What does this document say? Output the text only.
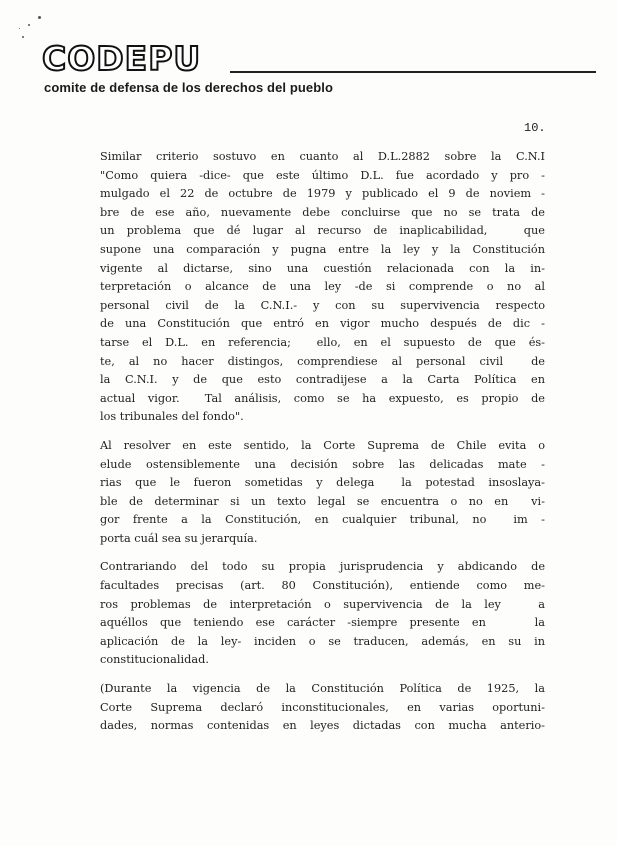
CODEPU
comite de defensa de los derechos del pueblo
10.
Similar criterio sostuvo en cuanto al D.L.2882 sobre la C.N.I
"Como quiera -dice- que este último D.L. fue acordado y pro -
mulgado el 22 de octubre de 1979 y publicado el 9 de noviem -
bre de ese año, nuevamente debe concluirse que no se trata de
un problema que dé lugar al recurso de inaplicabilidad,   que
supone una comparación y pugna entre la ley y la Constitución
vigente al dictarse, sino una cuestión relacionada con la in-
terpretación o alcance de una ley -de si comprende o no al
personal civil de la C.N.I.- y con su supervivencia respecto
de una Constitución que entró en vigor mucho después de dic -
tarse el D.L. en referencia;  ello, en el supuesto de que és-
te, al no hacer distingos, comprendiese al personal civil  de
la C.N.I. y de que esto contradijese a la Carta Política en
actual vigor.  Tal análisis, como se ha expuesto, es propio de
los tribunales del fondo".
Al resolver en este sentido, la Corte Suprema de Chile evita o
elude ostensiblemente una decisión sobre las delicadas mate -
rias que le fueron sometidas y delega  la potestad insoslaya-
ble de determinar si un texto legal se encuentra o no en  vi-
gor frente a la Constitución, en cualquier tribunal, no  im -
porta cuál sea su jerarquía.
Contrariando del todo su propia jurisprudencia y abdicando de
facultades precisas (art. 80 Constitución), entiende como me-
ros problemas de interpretación o supervivencia de la ley   a
aquéllos que teniendo ese carácter -siempre presente en    la
aplicación de la ley- inciden o se traducen, además, en su in
constitucionalidad.
(Durante la vigencia de la Constitución Política de 1925, la
Corte Suprema declaró inconstitucionales, en varias oportuni-
dades, normas contenidas en leyes dictadas con mucha anterio-
